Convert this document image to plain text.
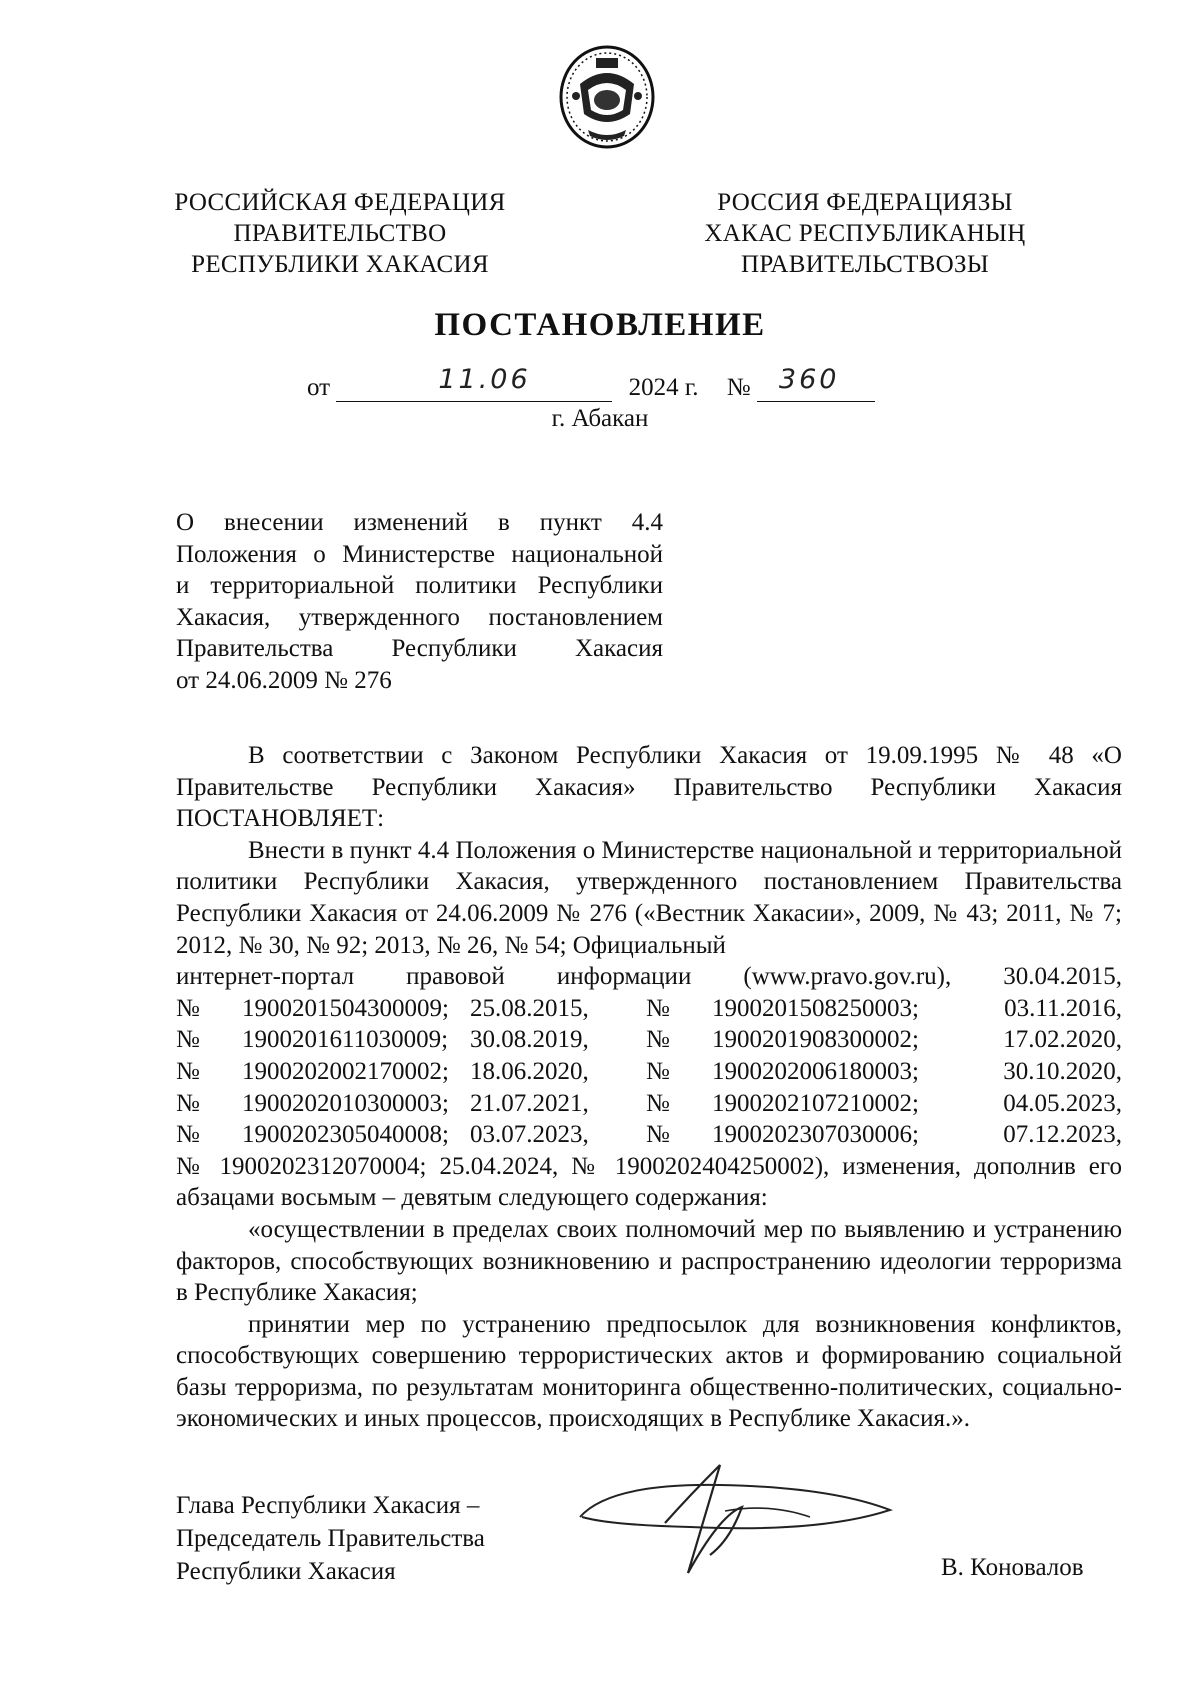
РОССИЙСКАЯ ФЕДЕРАЦИЯ
ПРАВИТЕЛЬСТВО
РЕСПУБЛИКИ ХАКАСИЯ
РОССИЯ ФЕДЕРАЦИЯЗЫ
ХАКАС РЕСПУБЛИКАНЫҢ
ПРАВИТЕЛЬСТВОЗЫ
ПОСТАНОВЛЕНИЕ
от	11.06	2024 г. № 360
г. Абакан
О внесении изменений в пункт 4.4
Положения о Министерстве национальной
и территориальной политики Республики
Хакасия, утвержденного постановлением
Правительства Республики Хакасия
от 24.06.2009 № 276

В соответствии с Законом Республики Хакасия от 19.09.1995 № 48 «О Правительстве Республики Хакасия» Правительство Республики Хакасия ПОСТАНОВЛЯЕТ:

Внести в пункт 4.4 Положения о Министерстве национальной и территориальной политики Республики Хакасия, утвержденного постановлением Правительства Республики Хакасия от 24.06.2009 № 276 («Вестник Хакасии», 2009, № 43; 2011, № 7; 2012, № 30, № 92; 2013, № 26, № 54; Официальный

интернет-портал правовой информации (www.pravo.gov.ru), 30.04.2015,
№	1900201504300009; 25.08.2015,	№	1900201508250003;	03.11.2016,
№	1900201611030009; 30.08.2019,	№	1900201908300002;	17.02.2020,
№	1900202002170002; 18.06.2020,	№	1900202006180003;	30.10.2020,
№	1900202010300003; 21.07.2021,	№	1900202107210002;	04.05.2023,
№	1900202305040008; 03.07.2023,	№	1900202307030006;	07.12.2023,

№ 1900202312070004; 25.04.2024, № 1900202404250002), изменения, дополнив его абзацами восьмым – девятым следующего содержания:

«осуществлении в пределах своих полномочий мер по выявлению и устранению факторов, способствующих возникновению и распространению идеологии терроризма в Республике Хакасия;

принятии мер по устранению предпосылок для возникновения конфликтов, способствующих совершению террористических актов и формированию социальной базы терроризма, по результатам мониторинга общественно-политических, социально-экономических и иных процессов, происходящих в Республике Хакасия.».

Глава Республики Хакасия –
Председатель Правительства
Республики Хакасия	В. Коновалов
